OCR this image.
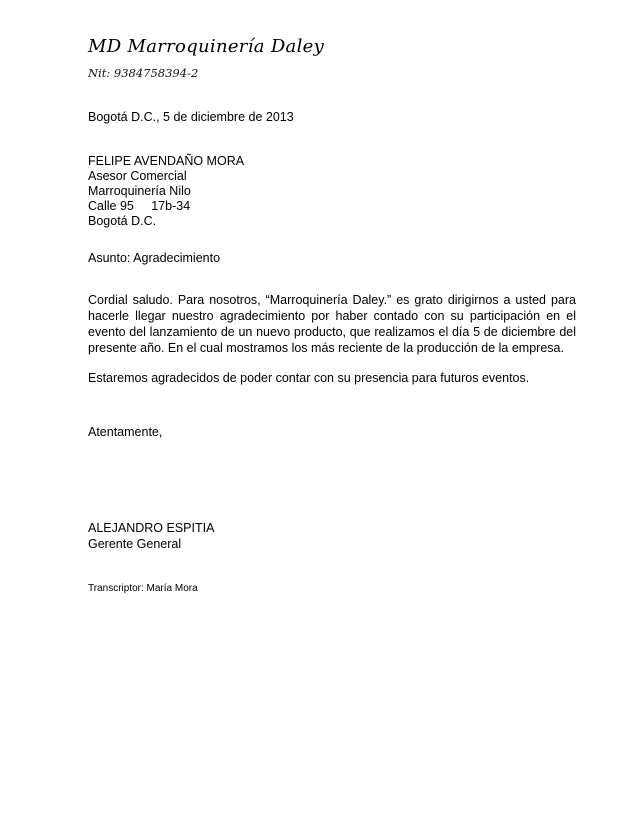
MD Marroquinería Daley
Nit: 9384758394-2
Bogotá D.C., 5 de diciembre de 2013
FELIPE AVENDAÑO MORA
Asesor Comercial
Marroquinería Nilo
Calle 95     17b-34
Bogotá D.C.
Asunto: Agradecimiento
Cordial saludo. Para nosotros, “Marroquinería Daley.” es grato dirigirnos a usted para hacerle llegar nuestro agradecimiento por haber contado con su participación en el evento del lanzamiento de un nuevo producto, que realizamos el día 5 de diciembre del presente año. En el cual mostramos los más reciente de la producción de la empresa.
Estaremos agradecidos de poder contar con su presencia para futuros eventos.
Atentamente,
ALEJANDRO ESPITIA
Gerente General
Transcriptor: María Mora
